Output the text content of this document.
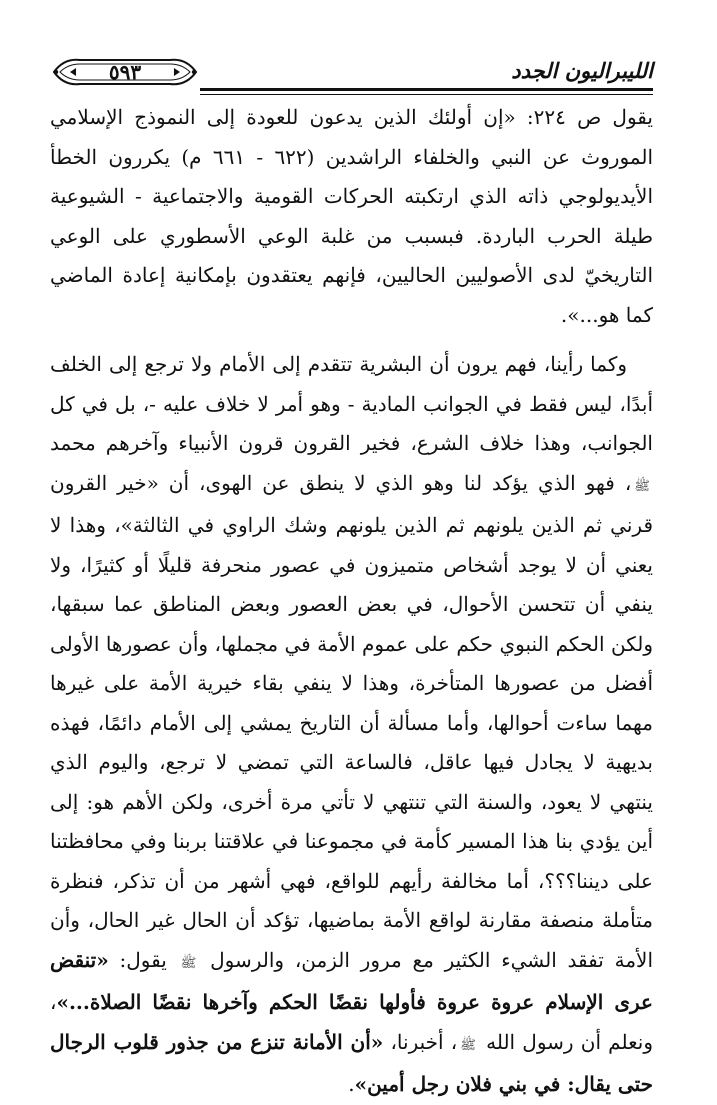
٥٩٣	الليبراليون الجدد

يقول ص ٢٢٤: «إن أولئك الذين يدعون للعودة إلى النموذج الإسلامي الموروث عن النبي والخلفاء الراشدين (٦٢٢ - ٦٦١ م) يكررون الخطأ الأيديولوجي ذاته الذي ارتكبته الحركات القومية والاجتماعية - الشيوعية طيلة الحرب الباردة. فبسبب من غلبة الوعي الأسطوري على الوعي التاريخيّ لدى الأصوليين الحاليين، فإنهم يعتقدون بإمكانية إعادة الماضي كما هو...».

وكما رأينا، فهم يرون أن البشرية تتقدم إلى الأمام ولا ترجع إلى الخلف أبدًا، ليس فقط في الجوانب المادية - وهو أمر لا خلاف عليه -، بل في كل الجوانب، وهذا خلاف الشرع، فخير القرون قرون الأنبياء وآخرهم محمد ﷺ، فهو الذي يؤكد لنا وهو الذي لا ينطق عن الهوى، أن «خير القرون قرني ثم الذين يلونهم ثم الذين يلونهم وشك الراوي في الثالثة»، وهذا لا يعني أن لا يوجد أشخاص متميزون في عصور منحرفة قليلًا أو كثيرًا، ولا ينفي أن تتحسن الأحوال، في بعض العصور وبعض المناطق عما سبقها، ولكن الحكم النبوي حكم على عموم الأمة في مجملها، وأن عصورها الأولى أفضل من عصورها المتأخرة، وهذا لا ينفي بقاء خيرية الأمة على غيرها مهما ساءت أحوالها، وأما مسألة أن التاريخ يمشي إلى الأمام دائمًا، فهذه بديهية لا يجادل فيها عاقل، فالساعة التي تمضي لا ترجع، واليوم الذي ينتهي لا يعود، والسنة التي تنتهي لا تأتي مرة أخرى، ولكن الأهم هو: إلى أين يؤدي بنا هذا المسير كأمة في مجموعنا في علاقتنا بربنا وفي محافظتنا على ديننا؟؟؟، أما مخالفة رأيهم للواقع، فهي أشهر من أن تذكر، فنظرة متأملة منصفة مقارنة لواقع الأمة بماضيها، تؤكد أن الحال غير الحال، وأن الأمة تفقد الشيء الكثير مع مرور الزمن، والرسول ﷺ يقول: «تنقض عرى الإسلام عروة عروة فأولها نقضًا الحكم وآخرها نقضًا الصلاة...»، ونعلم أن رسول الله ﷺ، أخبرنا، «أن الأمانة تنزع من جذور قلوب الرجال حتى يقال: في بني فلان رجل أمين».
